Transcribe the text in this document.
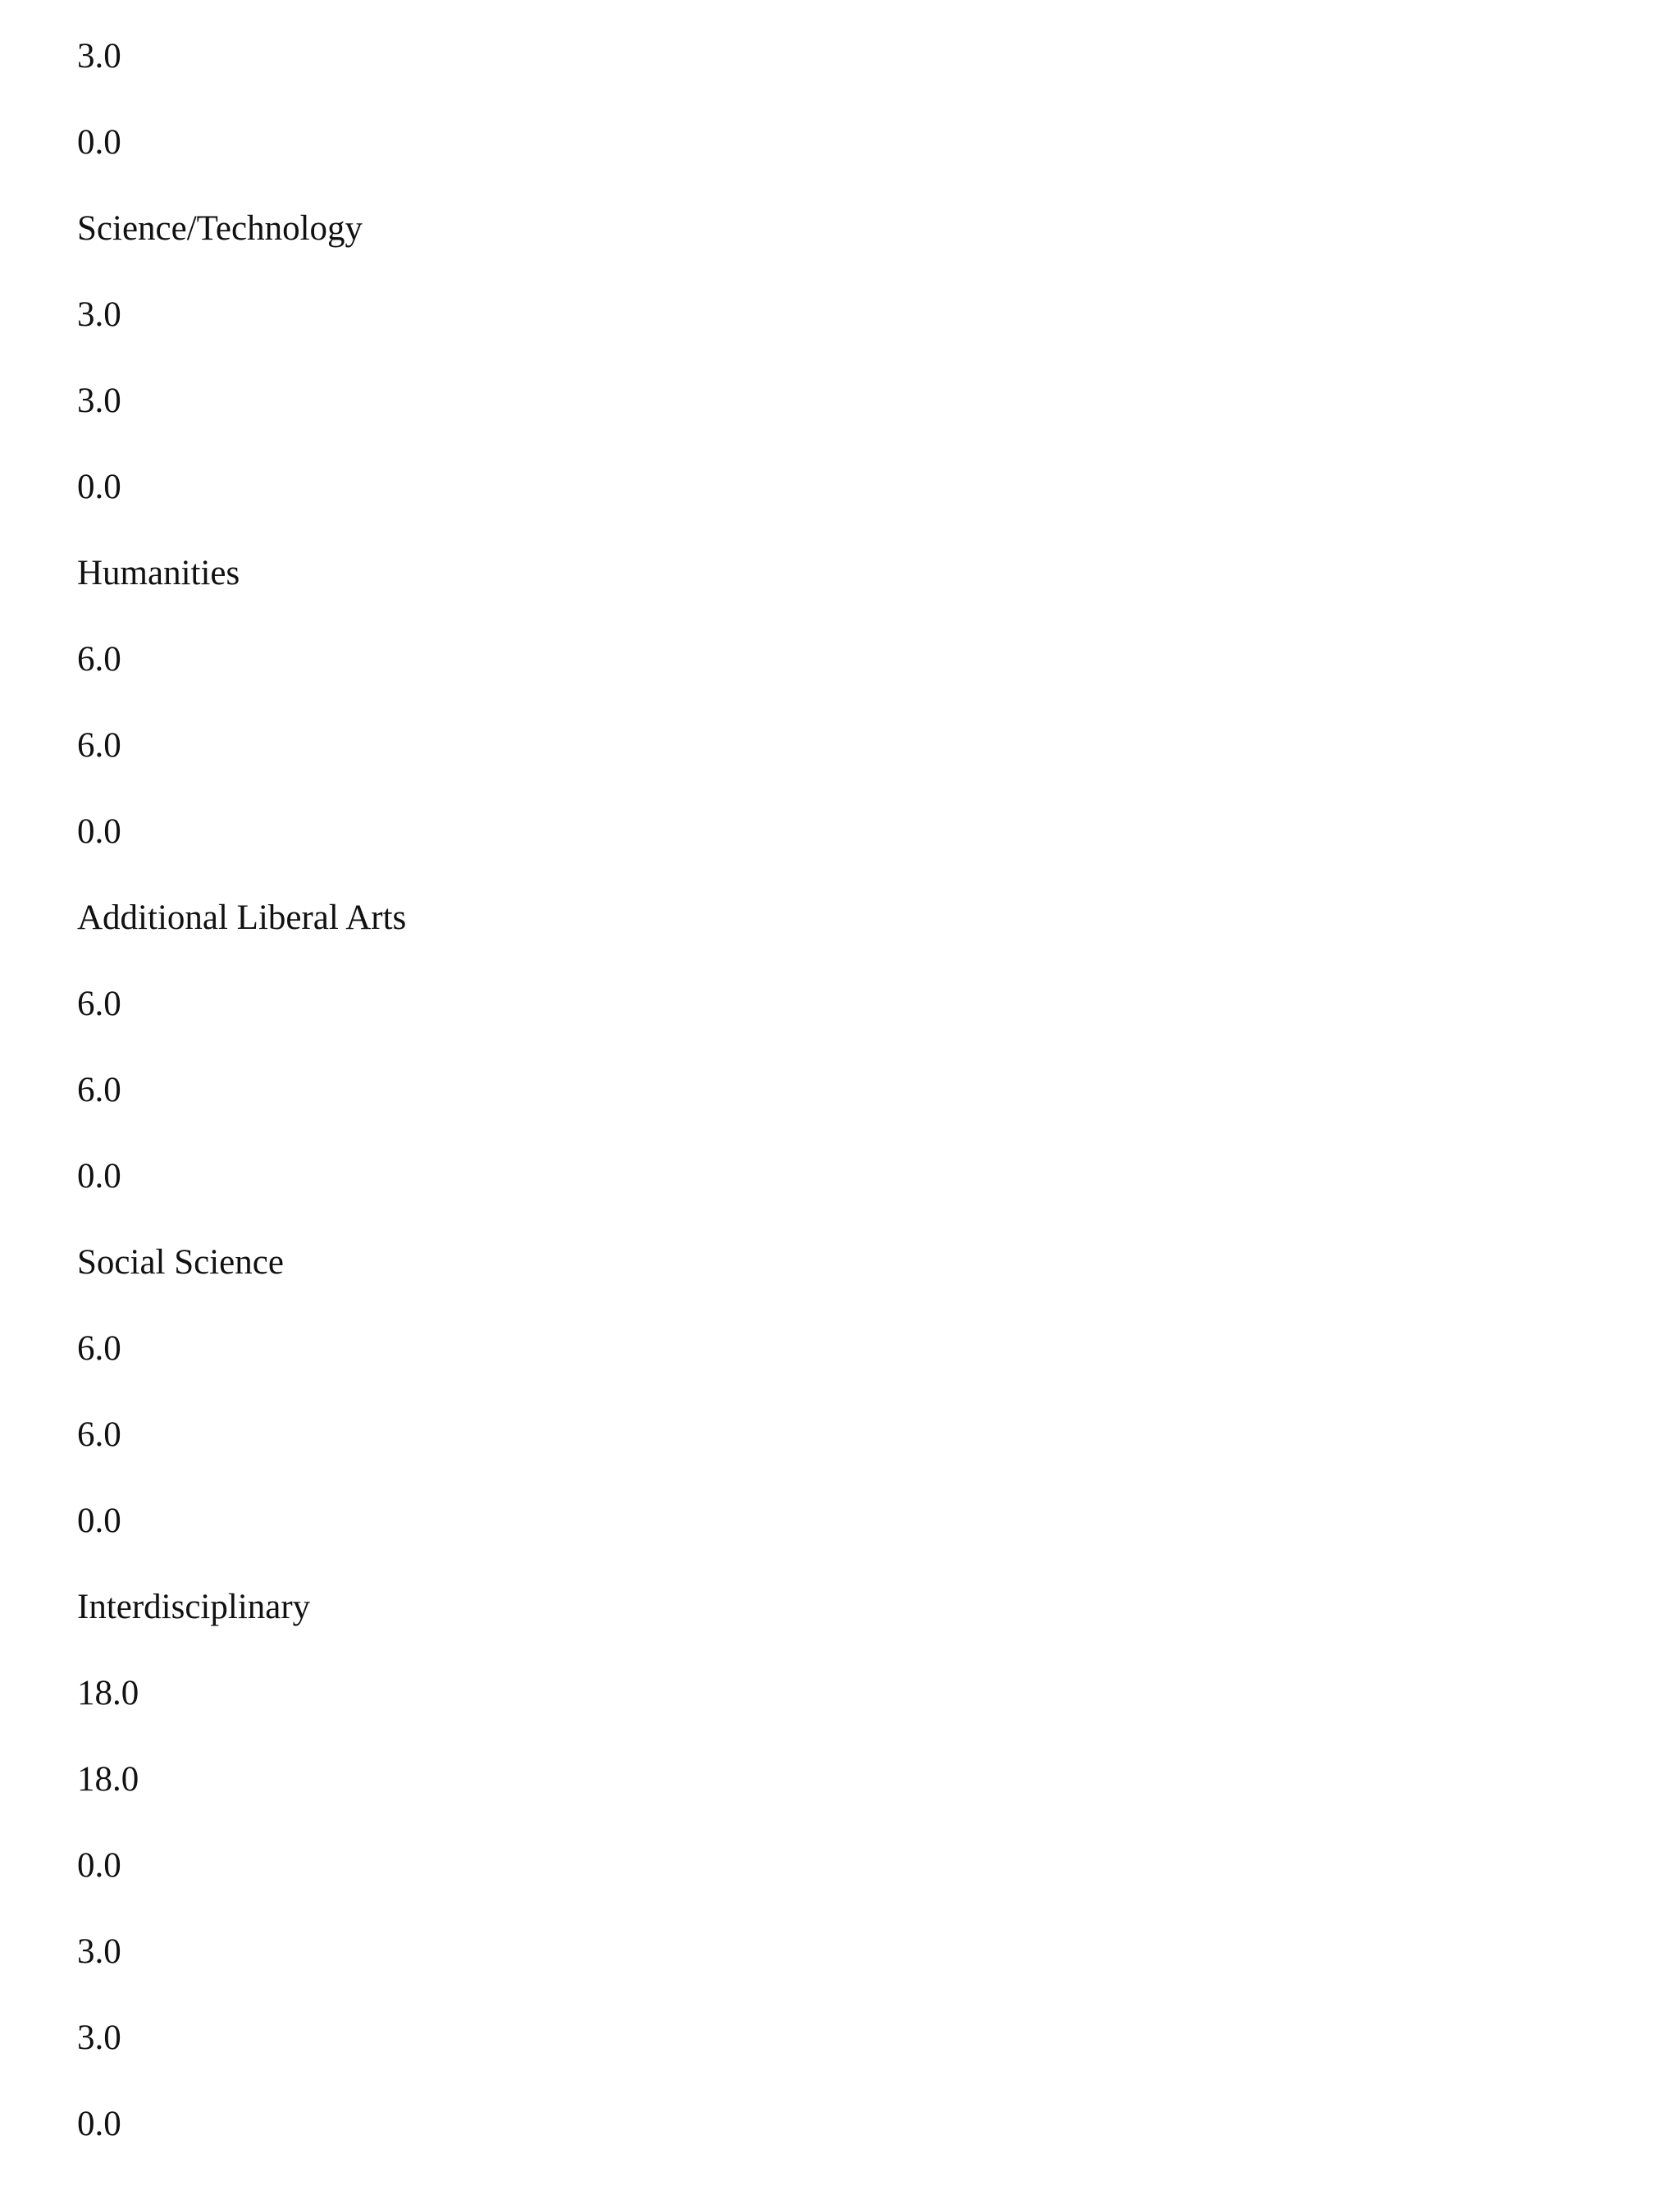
3.0
0.0
Science/Technology
3.0
3.0
0.0
Humanities
6.0
6.0
0.0
Additional Liberal Arts
6.0
6.0
0.0
Social Science
6.0
6.0
0.0
Interdisciplinary
18.0
18.0
0.0
3.0
3.0
0.0
